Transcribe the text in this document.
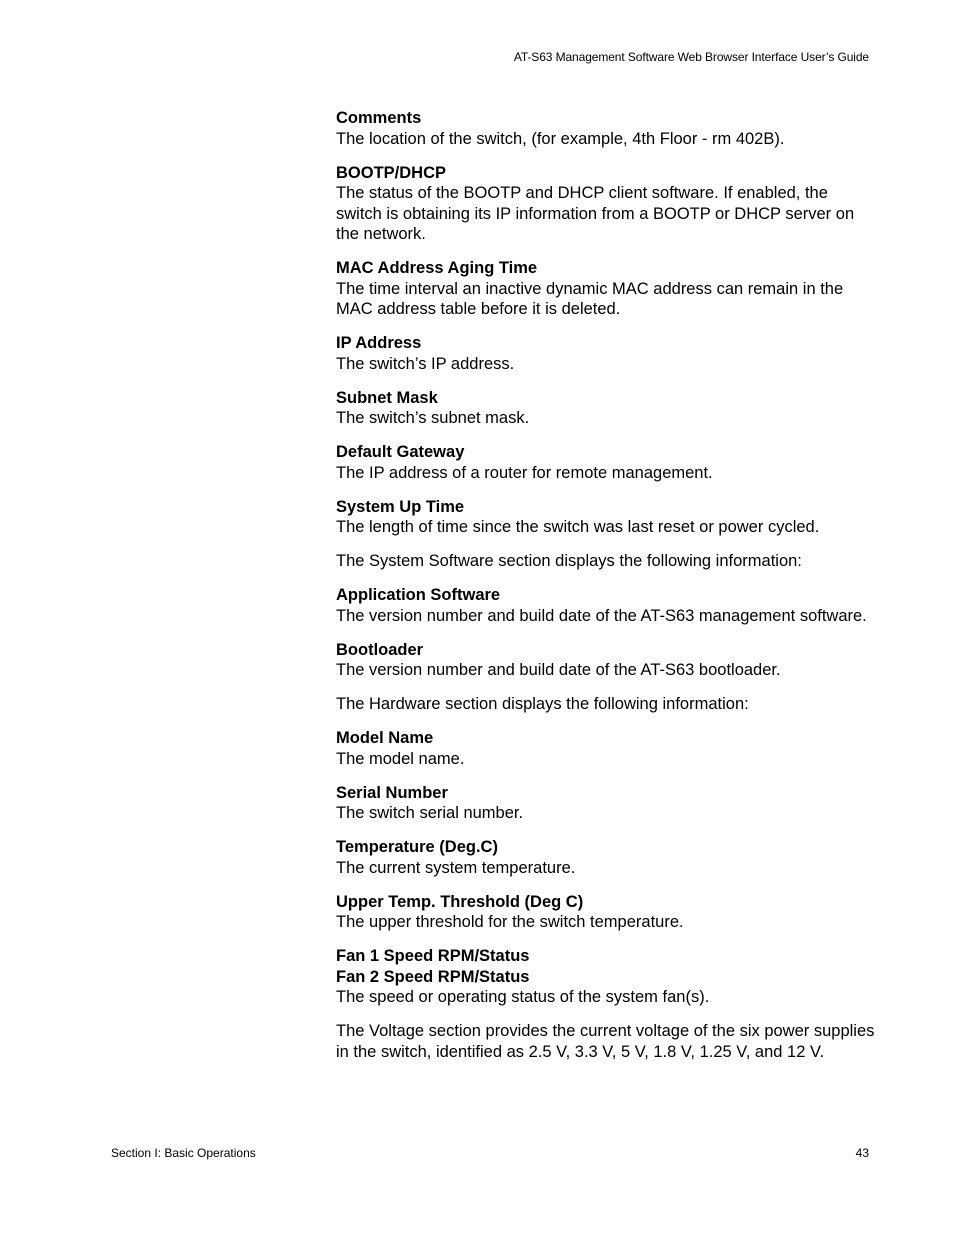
AT-S63 Management Software Web Browser Interface User’s Guide
Comments
The location of the switch, (for example, 4th Floor - rm 402B).
BOOTP/DHCP
The status of the BOOTP and DHCP client software. If enabled, the switch is obtaining its IP information from a BOOTP or DHCP server on the network.
MAC Address Aging Time
The time interval an inactive dynamic MAC address can remain in the MAC address table before it is deleted.
IP Address
The switch’s IP address.
Subnet Mask
The switch’s subnet mask.
Default Gateway
The IP address of a router for remote management.
System Up Time
The length of time since the switch was last reset or power cycled.
The System Software section displays the following information:
Application Software
The version number and build date of the AT-S63 management software.
Bootloader
The version number and build date of the AT-S63 bootloader.
The Hardware section displays the following information:
Model Name
The model name.
Serial Number
The switch serial number.
Temperature (Deg.C)
The current system temperature.
Upper Temp. Threshold (Deg C)
The upper threshold for the switch temperature.
Fan 1 Speed RPM/Status
Fan 2 Speed RPM/Status
The speed or operating status of the system fan(s).
The Voltage section provides the current voltage of the six power supplies in the switch, identified as 2.5 V, 3.3 V, 5 V, 1.8 V, 1.25 V, and 12 V.
Section I: Basic Operations	43
